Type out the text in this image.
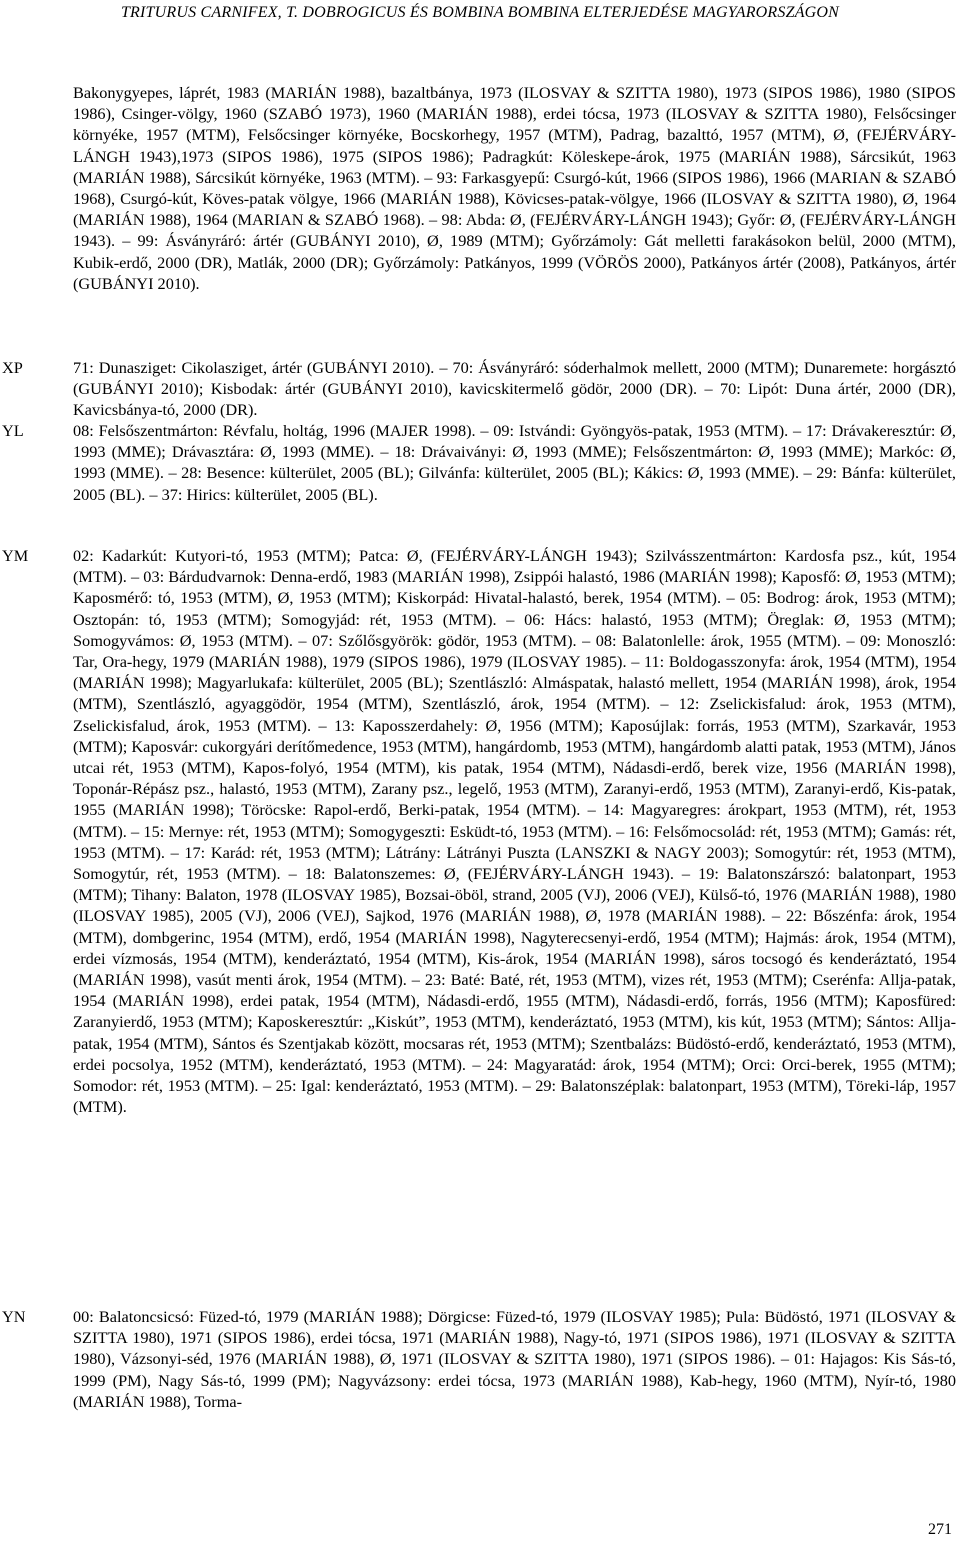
TRITURUS CARNIFEX, T. DOBROGICUS ÉS BOMBINA BOMBINA ELTERJEDÉSE MAGYARORSZÁGON
Bakonygyepes, láprét, 1983 (MARIÁN 1988), bazaltbánya, 1973 (ILOSVAY & SZITTA 1980), 1973 (SIPOS 1986), 1980 (SIPOS 1986), Csinger-völgy, 1960 (SZABÓ 1973), 1960 (MARIÁN 1988), erdei tócsa, 1973 (ILOSVAY & SZITTA 1980), Felsőcsinger környéke, 1957 (MTM), Felsőcsinger környéke, Bocskorhegy, 1957 (MTM), Padrag, bazalttó, 1957 (MTM), Ø, (FEJÉRVÁRY-LÁNGH 1943),1973 (SIPOS 1986), 1975 (SIPOS 1986); Padragkút: Köleskepe-árok, 1975 (MARIÁN 1988), Sárcsikút, 1963 (MARIÁN 1988), Sárcsikút környéke, 1963 (MTM). – 93: Farkasgyepű: Csurgó-kút, 1966 (SIPOS 1986), 1966 (MARIAN & SZABÓ 1968), Csurgó-kút, Köves-patak völgye, 1966 (MARIÁN 1988), Kövicses-patak-völgye, 1966 (ILOSVAY & SZITTA 1980), Ø, 1964 (MARIÁN 1988), 1964 (MARIAN & SZABÓ 1968). – 98: Abda: Ø, (FEJÉRVÁRY-LÁNGH 1943); Győr: Ø, (FEJÉRVÁRY-LÁNGH 1943). – 99: Ásványráró: ártér (GUBÁNYI 2010), Ø, 1989 (MTM); Győrzámoly: Gát melletti farakásokon belül, 2000 (MTM), Kubik-erdő, 2000 (DR), Matlák, 2000 (DR); Győrzámoly: Patkányos, 1999 (VÖRÖS 2000), Patkányos ártér (2008), Patkányos, ártér (GUBÁNYI 2010).
XP	71: Dunasziget: Cikolasziget, ártér (GUBÁNYI 2010). – 70: Ásványráró: sóderhalmok mellett, 2000 (MTM); Dunaremete: horgásztó (GUBÁNYI 2010); Kisbodak: ártér (GUBÁNYI 2010), kavicskitermelő gödör, 2000 (DR). – 70: Lipót: Duna ártér, 2000 (DR), Kavicsbánya-tó, 2000 (DR).
YL	08: Felsőszentmárton: Révfalu, holtág, 1996 (MAJER 1998). – 09: Istvándi: Gyöngyös-patak, 1953 (MTM). – 17: Drávakeresztúr: Ø, 1993 (MME); Drávasztára: Ø, 1993 (MME). – 18: Drávaiványi: Ø, 1993 (MME); Felsőszentmárton: Ø, 1993 (MME); Markóc: Ø, 1993 (MME). – 28: Besence: külterület, 2005 (BL); Gilvánfa: külterület, 2005 (BL); Kákics: Ø, 1993 (MME). – 29: Bánfa: külterület, 2005 (BL). – 37: Hirics: külterület, 2005 (BL).
YM	02: Kadarkút: Kutyori-tó, 1953 (MTM); Patca: Ø, (FEJÉRVÁRY-LÁNGH 1943); Szilvásszentmárton: Kardosfa psz., kút, 1954 (MTM). – 03: Bárdudvarnok: Denna-erdő, 1983 (MARIÁN 1998), Zsippói halastó, 1986 (MARIÁN 1998); Kaposfő: Ø, 1953 (MTM); Kaposmérő: tó, 1953 (MTM), Ø, 1953 (MTM); Kiskorpád: Hivatal-halastó, berek, 1954 (MTM). – 05: Bodrog: árok, 1953 (MTM); Osztopán: tó, 1953 (MTM); Somogyjád: rét, 1953 (MTM). – 06: Hács: halastó, 1953 (MTM); Öreglak: Ø, 1953 (MTM); Somogyvámos: Ø, 1953 (MTM). – 07: Szőlősgyörök: gödör, 1953 (MTM). – 08: Balatonlelle: árok, 1955 (MTM). – 09: Monoszló: Tar, Ora-hegy, 1979 (MARIÁN 1988), 1979 (SIPOS 1986), 1979 (ILOSVAY 1985). – 11: Boldogasszonyfa: árok, 1954 (MTM), 1954 (MARIÁN 1998); Magyarlukafa: külterület, 2005 (BL); Szentlászló: Almáspatak, halastó mellett, 1954 (MARIÁN 1998), árok, 1954 (MTM), Szentlászló, agyaggödör, 1954 (MTM), Szentlászló, árok, 1954 (MTM). – 12: Zselickisfalud: árok, 1953 (MTM), Zselickisfalud, árok, 1953 (MTM). – 13: Kaposszerdahely: Ø, 1956 (MTM); Kaposújlak: forrás, 1953 (MTM), Szarkavár, 1953 (MTM); Kaposvár: cukorgyári derítőmedence, 1953 (MTM), hangárdomb, 1953 (MTM), hangárdomb alatti patak, 1953 (MTM), János utcai rét, 1953 (MTM), Kapos-folyó, 1954 (MTM), kis patak, 1954 (MTM), Nádasdi-erdő, berek vize, 1956 (MARIÁN 1998), Toponár-Répász psz., halastó, 1953 (MTM), Zarany psz., legelő, 1953 (MTM), Zaranyi-erdő, 1953 (MTM), Zaranyi-erdő, Kis-patak, 1955 (MARIÁN 1998); Töröcske: Rapol-erdő, Berki-patak, 1954 (MTM). – 14: Magyaregres: árokpart, 1953 (MTM), rét, 1953 (MTM). – 15: Mernye: rét, 1953 (MTM); Somogygeszti: Esküdt-tó, 1953 (MTM). – 16: Felsőmocsolád: rét, 1953 (MTM); Gamás: rét, 1953 (MTM). – 17: Karád: rét, 1953 (MTM); Látrány: Látrányi Puszta (LANSZKI & NAGY 2003); Somogytúr: rét, 1953 (MTM), Somogytúr, rét, 1953 (MTM). – 18: Balatonszemes: Ø, (FEJÉRVÁRY-LÁNGH 1943). – 19: Balatonszárszó: balatonpart, 1953 (MTM); Tihany: Balaton, 1978 (ILOSVAY 1985), Bozsai-öböl, strand, 2005 (VJ), 2006 (VEJ), Külső-tó, 1976 (MARIÁN 1988), 1980 (ILOSVAY 1985), 2005 (VJ), 2006 (VEJ), Sajkod, 1976 (MARIÁN 1988), Ø, 1978 (MARIÁN 1988). – 22: Bőszénfa: árok, 1954 (MTM), dombgerinc, 1954 (MTM), erdő, 1954 (MARIÁN 1998), Nagyterecsenyi-erdő, 1954 (MTM); Hajmás: árok, 1954 (MTM), erdei vízmosás, 1954 (MTM), kenderáztató, 1954 (MTM), Kis-árok, 1954 (MARIÁN 1998), sáros tocsogó és kenderáztató, 1954 (MARIÁN 1998), vasút menti árok, 1954 (MTM). – 23: Baté: Baté, rét, 1953 (MTM), vizes rét, 1953 (MTM); Cserénfa: Allja-patak, 1954 (MARIÁN 1998), erdei patak, 1954 (MTM), Nádasdi-erdő, 1955 (MTM), Nádasdi-erdő, forrás, 1956 (MTM); Kaposfüred: Zaranyierdő, 1953 (MTM); Kaposkeresztúr: „Kiskút”, 1953 (MTM), kenderáztató, 1953 (MTM), kis kút, 1953 (MTM); Sántos: Allja-patak, 1954 (MTM), Sántos és Szentjakab között, mocsaras rét, 1953 (MTM); Szentbalázs: Büdöstó-erdő, kenderáztató, 1953 (MTM), erdei pocsolya, 1952 (MTM), kenderáztató, 1953 (MTM). – 24: Magyaratád: árok, 1954 (MTM); Orci: Orci-berek, 1955 (MTM); Somodor: rét, 1953 (MTM). – 25: Igal: kenderáztató, 1953 (MTM). – 29: Balatonszéplak: balatonpart, 1953 (MTM), Töreki-láp, 1957 (MTM).
YN	00: Balatoncsicsó: Füzed-tó, 1979 (MARIÁN 1988); Dörgicse: Füzed-tó, 1979 (ILOSVAY 1985); Pula: Büdöstó, 1971 (ILOSVAY & SZITTA 1980), 1971 (SIPOS 1986), erdei tócsa, 1971 (MARIÁN 1988), Nagy-tó, 1971 (SIPOS 1986), 1971 (ILOSVAY & SZITTA 1980), Vázsonyi-séd, 1976 (MARIÁN 1988), Ø, 1971 (ILOSVAY & SZITTA 1980), 1971 (SIPOS 1986). – 01: Hajagos: Kis Sás-tó, 1999 (PM), Nagy Sás-tó, 1999 (PM); Nagyvázsony: erdei tócsa, 1973 (MARIÁN 1988), Kab-hegy, 1960 (MTM), Nyír-tó, 1980 (MARIÁN 1988), Torma-
271
